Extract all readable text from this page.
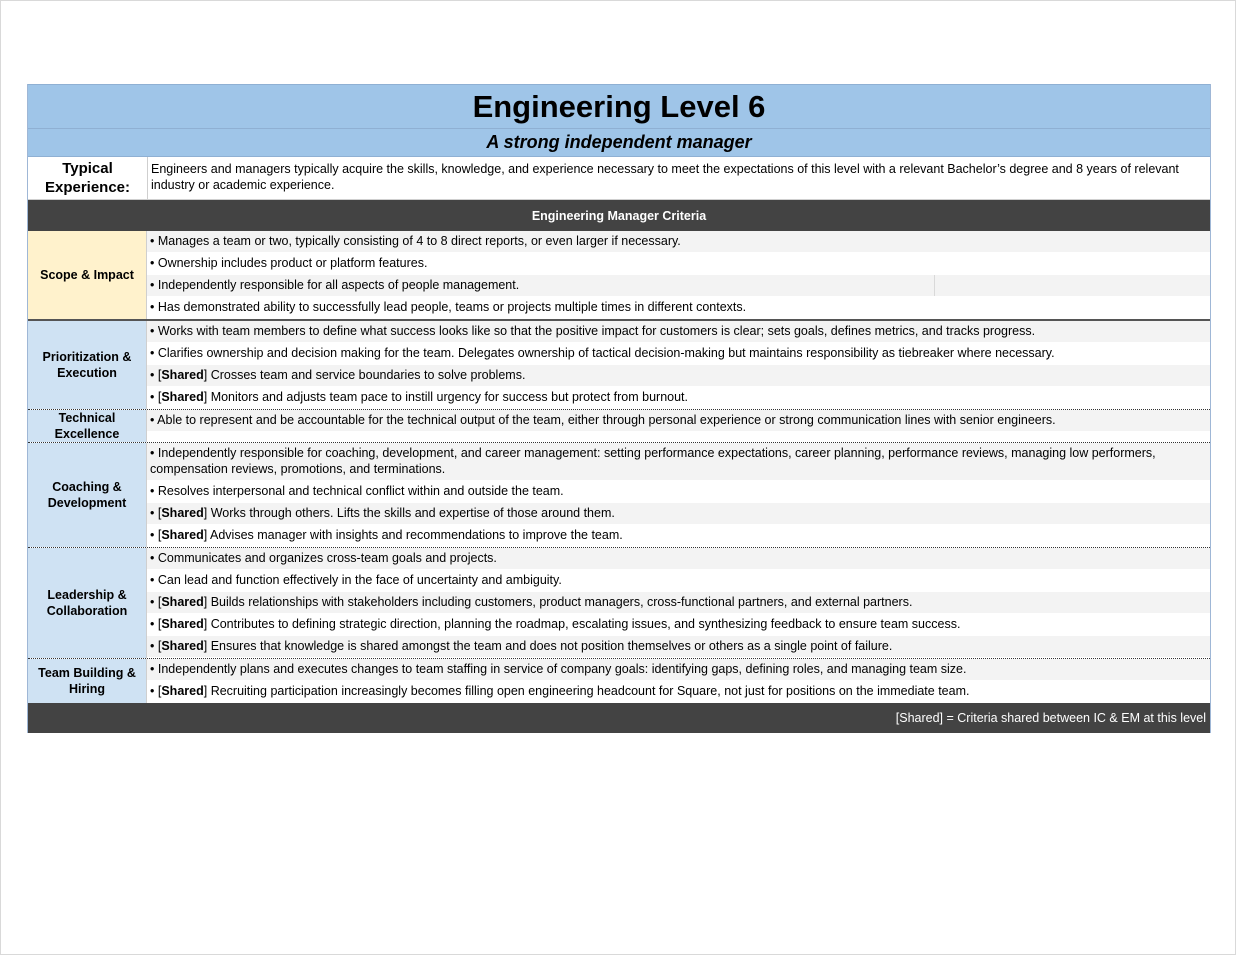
Engineering Level 6
A strong independent manager
Typical Experience:
Engineers and managers typically acquire the skills, knowledge, and experience necessary to meet the expectations of this level with a relevant Bachelor’s degree and 8 years of relevant industry or academic experience.
Engineering Manager Criteria
Scope & Impact
• Manages a team or two, typically consisting of 4 to 8 direct reports, or even larger if necessary.
• Ownership includes product or platform features.
• Independently responsible for all aspects of people management.
• Has demonstrated ability to successfully lead people, teams or projects multiple times in different contexts.
Prioritization & Execution
• Works with team members to define what success looks like so that the positive impact for customers is clear; sets goals, defines metrics, and tracks progress.
• Clarifies ownership and decision making for the team. Delegates ownership of tactical decision-making but maintains responsibility as tiebreaker where necessary.
• [Shared] Crosses team and service boundaries to solve problems.
• [Shared] Monitors and adjusts team pace to instill urgency for success but protect from burnout.
Technical Excellence
• Able to represent and be accountable for the technical output of the team, either through personal experience or strong communication lines with senior engineers.
Coaching & Development
• Independently responsible for coaching, development, and career management: setting performance expectations, career planning, performance reviews, managing low performers, compensation reviews, promotions, and terminations.
• Resolves interpersonal and technical conflict within and outside the team.
• [Shared] Works through others. Lifts the skills and expertise of those around them.
• [Shared] Advises manager with insights and recommendations to improve the team.
Leadership & Collaboration
• Communicates and organizes cross-team goals and projects.
• Can lead and function effectively in the face of uncertainty and ambiguity.
• [Shared] Builds relationships with stakeholders including customers, product managers, cross-functional partners, and external partners.
• [Shared] Contributes to defining strategic direction, planning the roadmap, escalating issues, and synthesizing feedback to ensure team success.
• [Shared] Ensures that knowledge is shared amongst the team and does not position themselves or others as a single point of failure.
Team Building & Hiring
• Independently plans and executes changes to team staffing in service of company goals: identifying gaps, defining roles, and managing team size.
• [Shared] Recruiting participation increasingly becomes filling open engineering headcount for Square, not just for positions on the immediate team.
[Shared] = Criteria shared between IC & EM at this level
